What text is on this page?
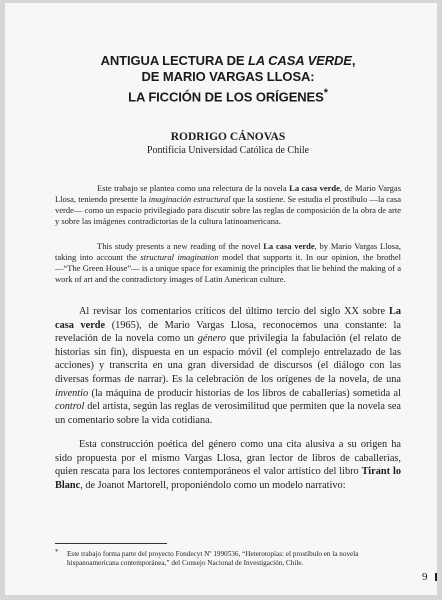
ANTIGUA LECTURA DE LA CASA VERDE,
DE MARIO VARGAS LLOSA:
LA FICCIÓN DE LOS ORÍGENES*
RODRIGO CÁNOVAS
Pontificia Universidad Católica de Chile

Este trabajo se plantea como una relectura de la novela La casa verde, de Mario Vargas Llosa, teniendo presente la imaginación estructural que la sostiene. Se estudia el prostíbulo —la casa verde— como un espacio privilegiado para discutir sobre las reglas de composición de la obra de arte y sobre las imágenes contradictorias de la cultura latinoamericana.

This study presents a new reading of the novel La casa verde, by Mario Vargas Llosa, taking into account the structural imagination model that supports it. In our opinion, the brothel —“The Green House”— is a unique space for examinig the principles that lie behind the making of a work of art and the contradictory images of Latin American culture.

Al revisar los comentarios críticos del último tercio del siglo XX sobre La casa verde (1965), de Mario Vargas Llosa, reconocemos una constante: la revelación de la novela como un género que privilegia la fabulación (el relato de historias sin fin), dispuesta en un espacio móvil (el complejo entrelazado de las acciones) y transcrita en una gran diversidad de discursos (el diálogo con las diversas formas de narrar). Es la celebración de los orígenes de la novela, de una inventio (la máquina de producir historias de los libros de caballerías) sometida al control del artista, según las reglas de verosimilitud que permiten que la novela sea un comentario sobre la vida cotidiana.

Esta construcción poética del género como una cita alusiva a su origen ha sido propuesta por el mismo Vargas Llosa, gran lector de libros de caballerías, quien rescata para los lectores contemporáneos el valor artístico del libro Tirant lo Blanc, de Joanot Martorell, proponiéndolo como un modelo narrativo:

* Este trabajo forma parte del proyecto Fondecyt Nº 1990536, “Heterotopías: el prostíbulo en la novela hispanoamericana contemporánea,” del Consejo Nacional de Investigación, Chile.
9
